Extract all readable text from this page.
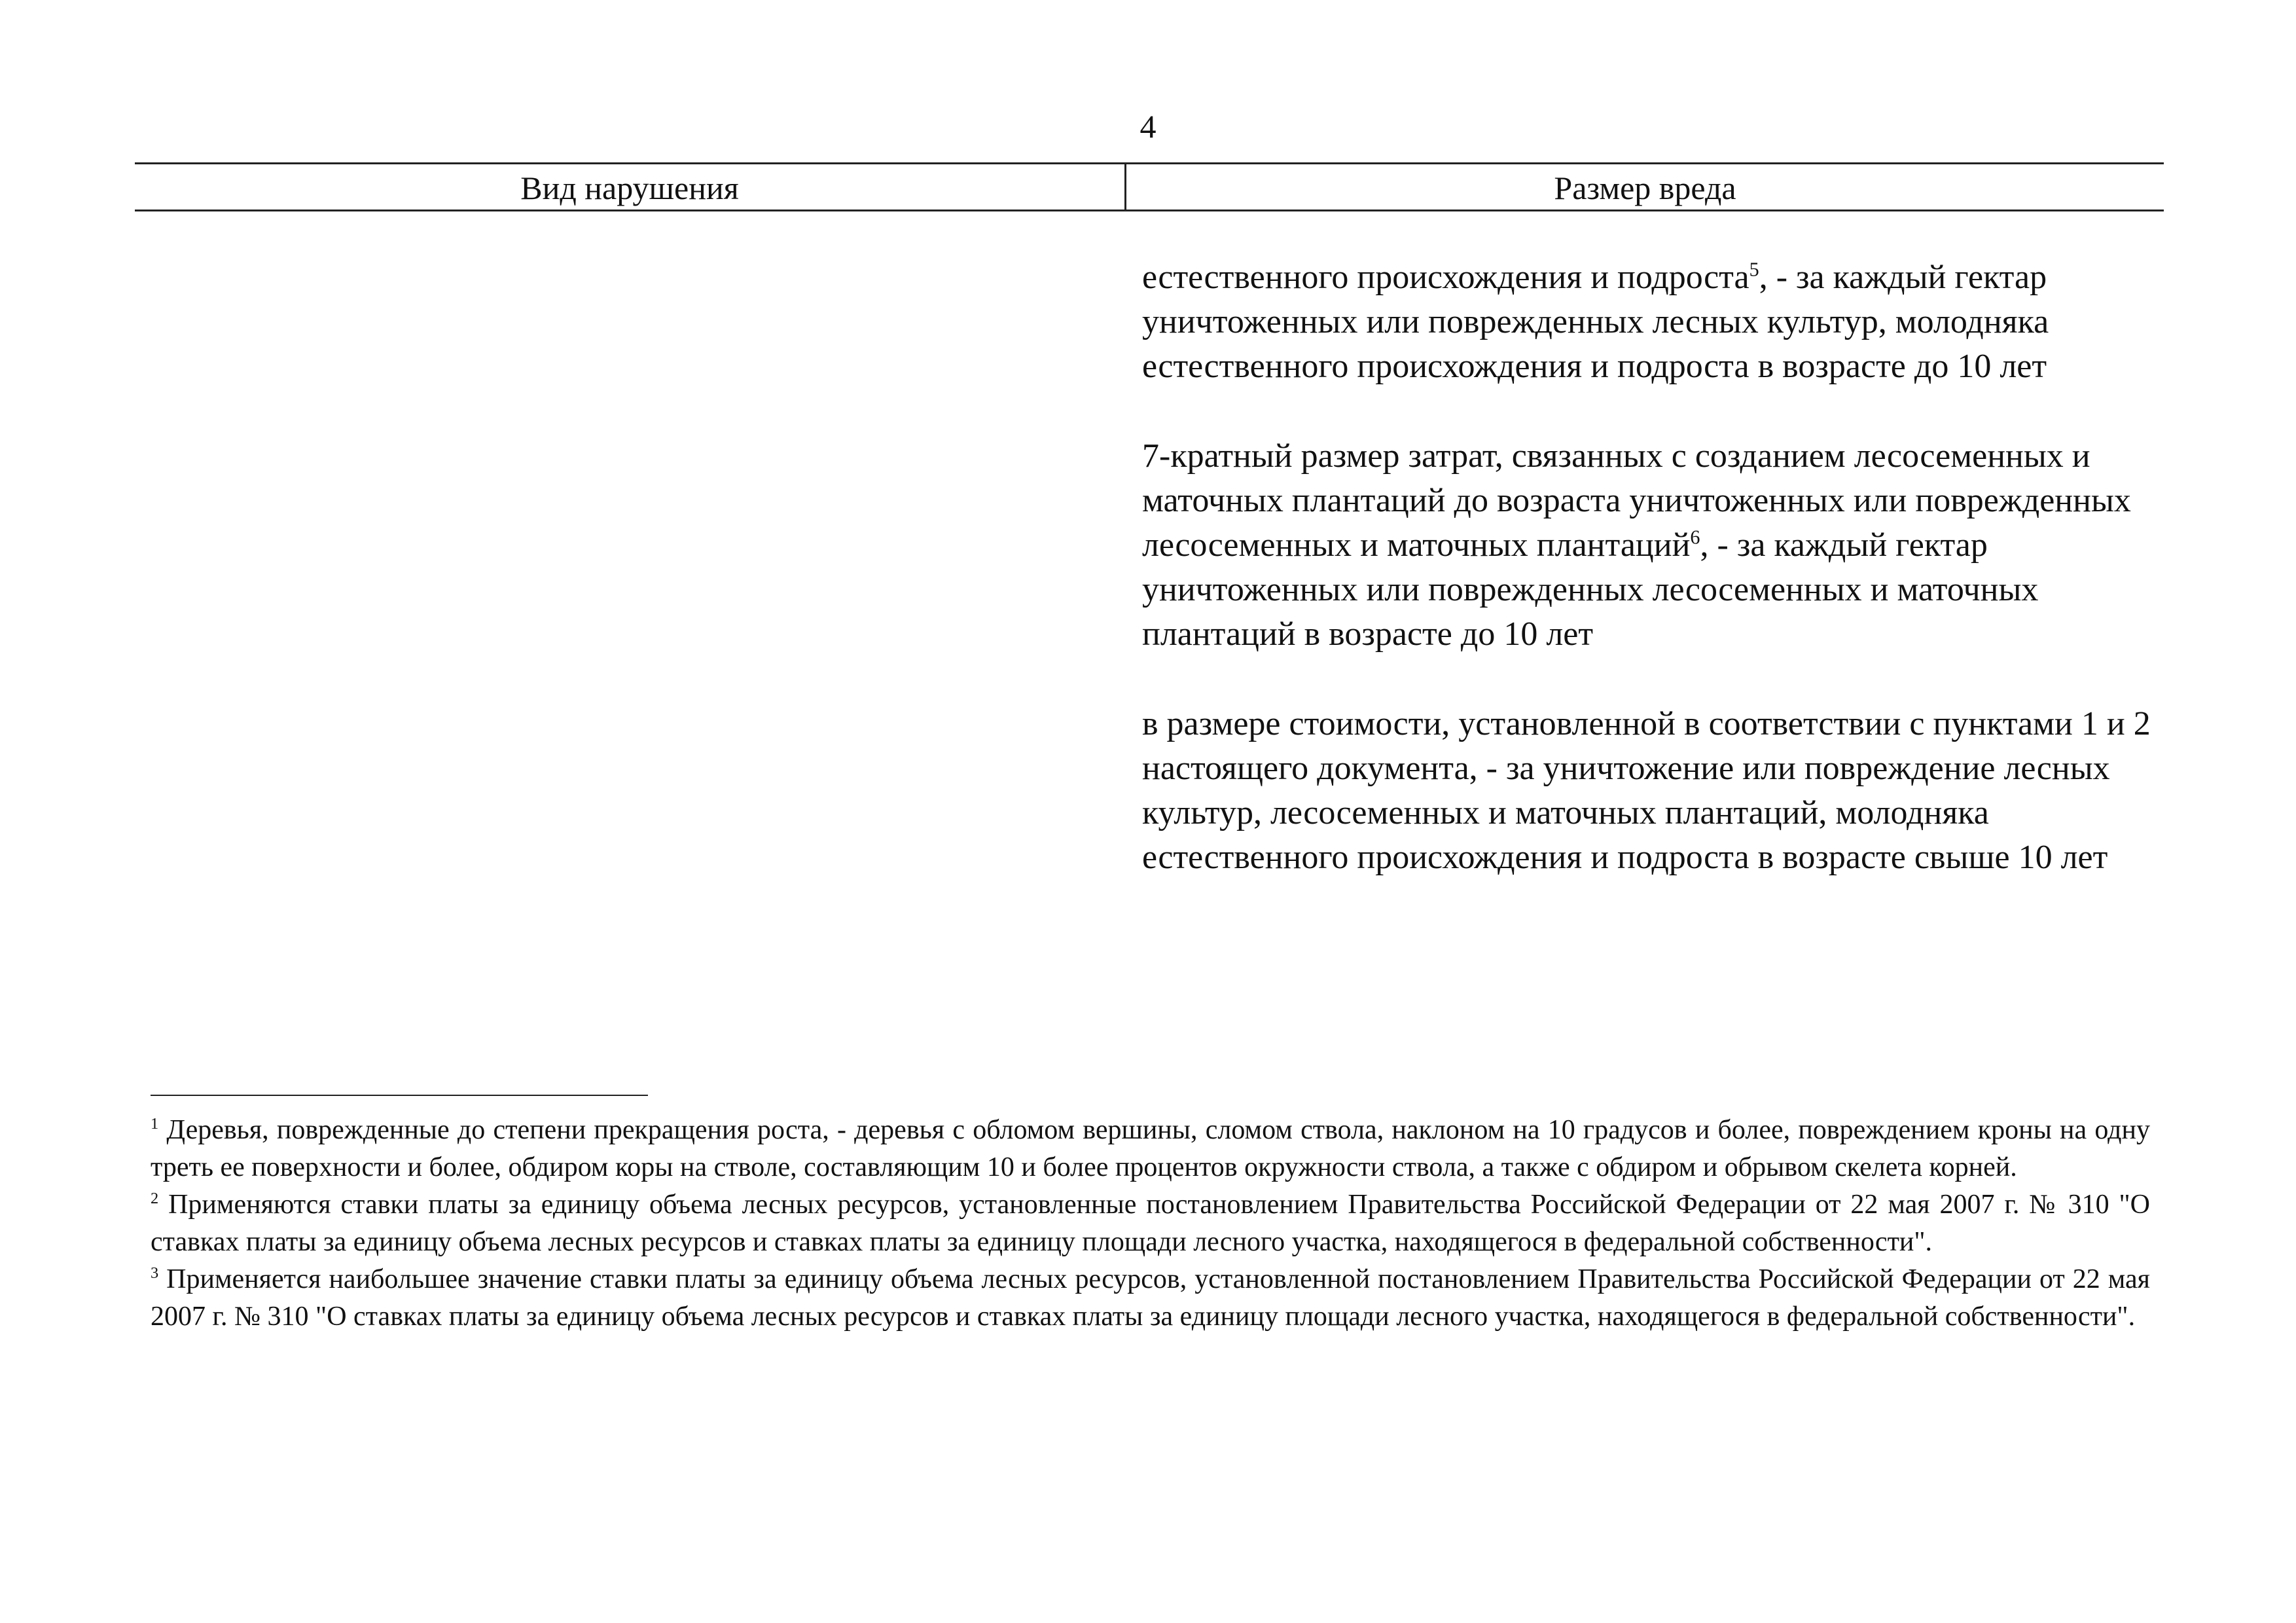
4
Вид нарушения	Размер вреда

естественного происхождения и подроста$^5$, - за каждый гектар уничтоженных или поврежденных лесных культур, молодняка естественного происхождения и подроста в возрасте до 10 лет

7-кратный размер затрат, связанных с созданием лесосеменных и маточных плантаций до возраста уничтоженных или поврежденных лесосеменных и маточных плантаций$^6$, - за каждый гектар уничтоженных или поврежденных лесосеменных и маточных плантаций в возрасте до 10 лет

в размере стоимости, установленной в соответствии с пунктами 1 и 2 настоящего документа, - за уничтожение или повреждение лесных культур, лесосеменных и маточных плантаций, молодняка естественного происхождения и подроста в возрасте свыше 10 лет

$^1$ Деревья, поврежденные до степени прекращения роста, - деревья с обломом вершины, сломом ствола, наклоном на 10 градусов и более, повреждением кроны на одну треть ее поверхности и более, обдиром коры на стволе, составляющим 10 и более процентов окружности ствола, а также с обдиром и обрывом скелета корней.

$^2$ Применяются ставки платы за единицу объема лесных ресурсов, установленные постановлением Правительства Российской Федерации от 22 мая 2007 г. № 310 "О ставках платы за единицу объема лесных ресурсов и ставках платы за единицу площади лесного участка, находящегося в федеральной собственности".

$^3$ Применяется наибольшее значение ставки платы за единицу объема лесных ресурсов, установленной постановлением Правительства Российской Федерации от 22 мая 2007 г. № 310 "О ставках платы за единицу объема лесных ресурсов и ставках платы за единицу площади лесного участка, находящегося в федеральной собственности".
